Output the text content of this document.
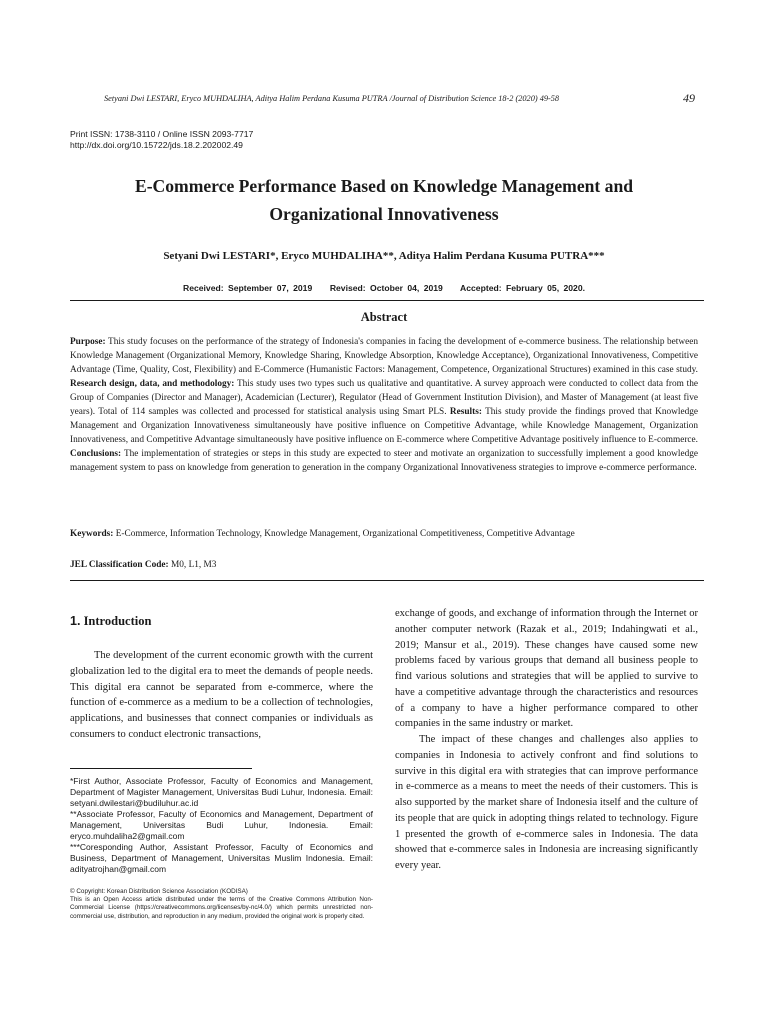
Setyani Dwi LESTARI, Eryco MUHDALIHA, Aditya Halim Perdana Kusuma PUTRA /Journal of Distribution Science 18-2 (2020) 49-58	49
Print ISSN: 1738-3110 / Online ISSN 2093-7717
http://dx.doi.org/10.15722/jds.18.2.202002.49
E-Commerce Performance Based on Knowledge Management and
Organizational Innovativeness
Setyani Dwi LESTARI*, Eryco MUHDALIHA**, Aditya Halim Perdana Kusuma PUTRA***
Received: September 07, 2019 Revised: October 04, 2019 Accepted: February 05, 2020.
Abstract
Purpose: This study focuses on the performance of the strategy of Indonesia's companies in facing the development of e-commerce business. The relationship between Knowledge Management (Organizational Memory, Knowledge Sharing, Knowledge Absorption, Knowledge Acceptance), Organizational Innovativeness, Competitive Advantage (Time, Quality, Cost, Flexibility) and E-Commerce (Humanistic Factors: Management, Competence, Organizational Structures) examined in this case study. Research design, data, and methodology: This study uses two types such us qualitative and quantitative. A survey approach were conducted to collect data from the Group of Companies (Director and Manager), Academician (Lecturer), Regulator (Head of Government Institution Division), and Master of Management (at least five years). Total of 114 samples was collected and processed for statistical analysis using Smart PLS. Results: This study provide the findings proved that Knowledge Management and Organization Innovativeness simultaneously have positive influence on Competitive Advantage, while Knowledge Management, Organization Innovativeness, and Competitive Advantage simultaneously have positive influence on E-commerce where Competitive Advantage positively influence to E-commerce. Conclusions: The implementation of strategies or steps in this study are expected to steer and motivate an organization to successfully implement a good knowledge management system to pass on knowledge from generation to generation in the company Organizational Innovativeness strategies to improve e-commerce performance.
Keywords: E-Commerce, Information Technology, Knowledge Management, Organizational Competitiveness, Competitive Advantage
JEL Classification Code: M0, L1, M3
1. Introduction

The development of the current economic growth with the current globalization led to the digital era to meet the demands of people needs. This digital era cannot be separated from e-commerce, where the function of e-commerce as a medium to be a collection of technologies, applications, and businesses that connect companies or individuals as consumers to conduct electronic transactions,

*First Author, Associate Professor, Faculty of Economics and Management, Department of Magister Management, Universitas Budi Luhur, Indonesia. Email: setyani.dwilestari@budiluhur.ac.id

**Associate Professor, Faculty of Economics and Management, Department of Management, Universitas Budi Luhur, Indonesia. Email: eryco.muhdaliha2@gmail.com

***Coresponding Author, Assistant Professor, Faculty of Economics and Business, Department of Management, Universitas Muslim Indonesia. Email: adityatrojhan@gmail.com

© Copyright: Korean Distribution Science Association (KODISA)

This is an Open Access article distributed under the terms of the Creative Commons Attribution Non-Commercial License (https://creativecommons.org/licenses/by-nc/4.0/) which permits unrestricted non-commercial use, distribution, and reproduction in any medium, provided the original work is properly cited.

exchange of goods, and exchange of information through the Internet or another computer network (Razak et al., 2019; Indahingwati et al., 2019; Mansur et al., 2019). These changes have caused some new problems faced by various groups that demand all business people to find various solutions and strategies that will be applied to survive to have a competitive advantage through the characteristics and resources of a company to have a higher performance compared to other companies in the same industry or market.

The impact of these changes and challenges also applies to companies in Indonesia to actively confront and find solutions to survive in this digital era with strategies that can improve performance in e-commerce as a means to meet the needs of their customers. This is also supported by the market share of Indonesia itself and the culture of its people that are quick in adopting things related to technology. Figure 1 presented the growth of e-commerce sales in Indonesia. The data showed that e-commerce sales in Indonesia are increasing significantly every year.
